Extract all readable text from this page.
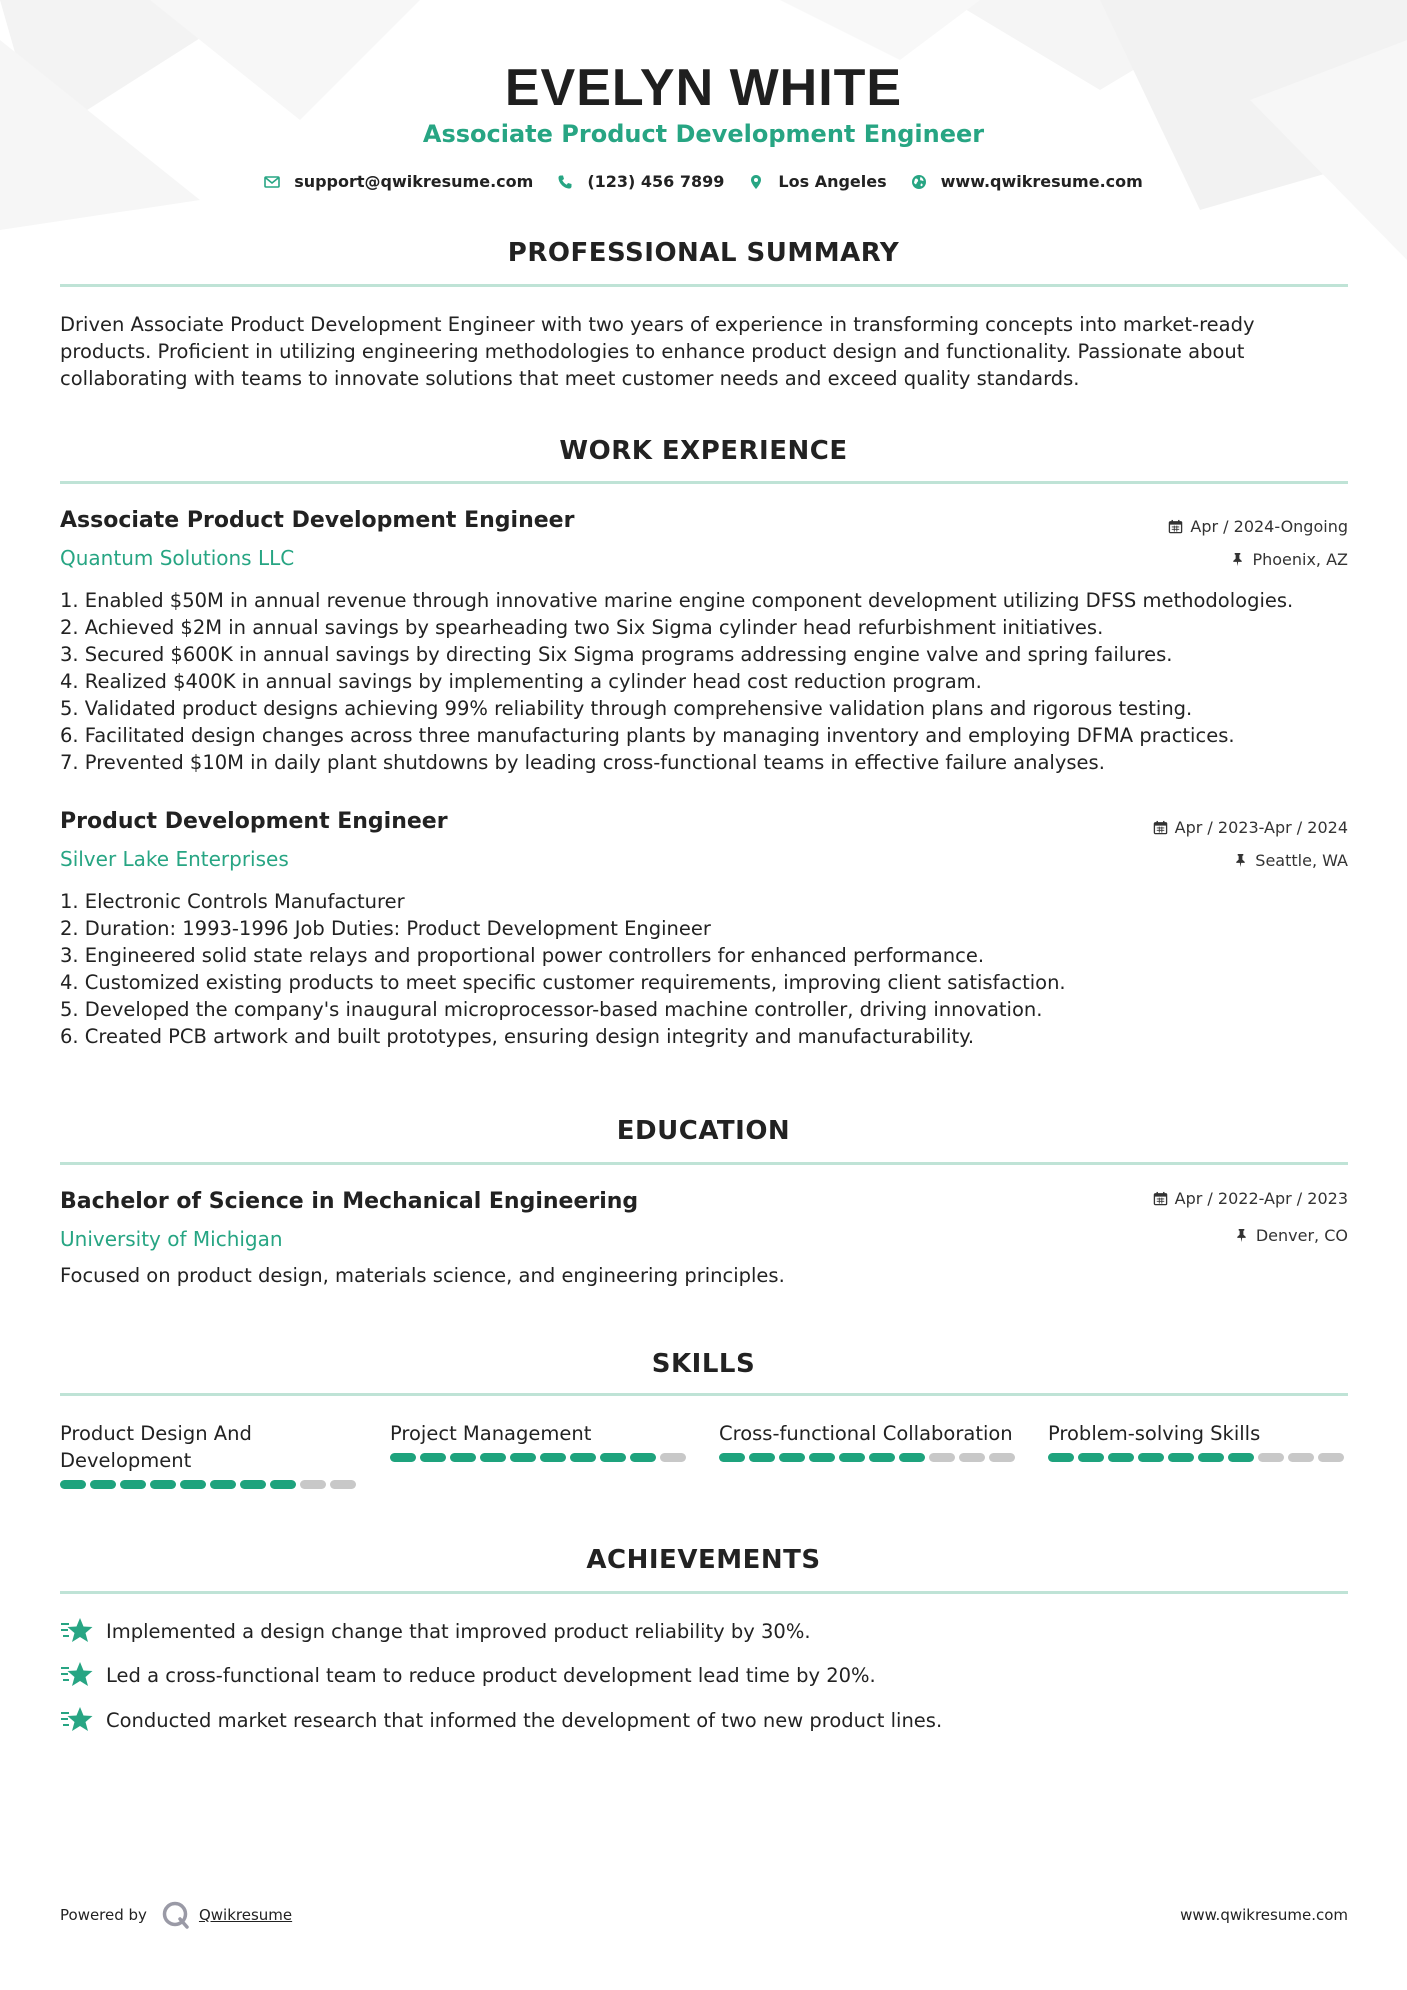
EVELYN WHITE
Associate Product Development Engineer
support@qwikresume.com	(123) 456 7899	Los Angeles	www.qwikresume.com
PROFESSIONAL SUMMARY
Driven Associate Product Development Engineer with two years of experience in transforming concepts into market-ready products. Proficient in utilizing engineering methodologies to enhance product design and functionality. Passionate about collaborating with teams to innovate solutions that meet customer needs and exceed quality standards.
WORK EXPERIENCE
Associate Product Development Engineer	Apr / 2024-Ongoing
Quantum Solutions LLC	Phoenix, AZ
1. Enabled $50M in annual revenue through innovative marine engine component development utilizing DFSS methodologies.
2. Achieved $2M in annual savings by spearheading two Six Sigma cylinder head refurbishment initiatives.
3. Secured $600K in annual savings by directing Six Sigma programs addressing engine valve and spring failures.
4. Realized $400K in annual savings by implementing a cylinder head cost reduction program.
5. Validated product designs achieving 99% reliability through comprehensive validation plans and rigorous testing.
6. Facilitated design changes across three manufacturing plants by managing inventory and employing DFMA practices.
7. Prevented $10M in daily plant shutdowns by leading cross-functional teams in effective failure analyses.
Product Development Engineer	Apr / 2023-Apr / 2024
Silver Lake Enterprises	Seattle, WA
1. Electronic Controls Manufacturer
2. Duration: 1993-1996 Job Duties: Product Development Engineer
3. Engineered solid state relays and proportional power controllers for enhanced performance.
4. Customized existing products to meet specific customer requirements, improving client satisfaction.
5. Developed the company's inaugural microprocessor-based machine controller, driving innovation.
6. Created PCB artwork and built prototypes, ensuring design integrity and manufacturability.
EDUCATION
Bachelor of Science in Mechanical Engineering	Apr / 2022-Apr / 2023
University of Michigan	Denver, CO
Focused on product design, materials science, and engineering principles.
SKILLS
Product Design And Development
Project Management	Cross-functional Collaboration	Problem-solving Skills
ACHIEVEMENTS
Implemented a design change that improved product reliability by 30%.
Led a cross-functional team to reduce product development lead time by 20%.
Conducted market research that informed the development of two new product lines.
Powered by	Qwikresume	www.qwikresume.com
